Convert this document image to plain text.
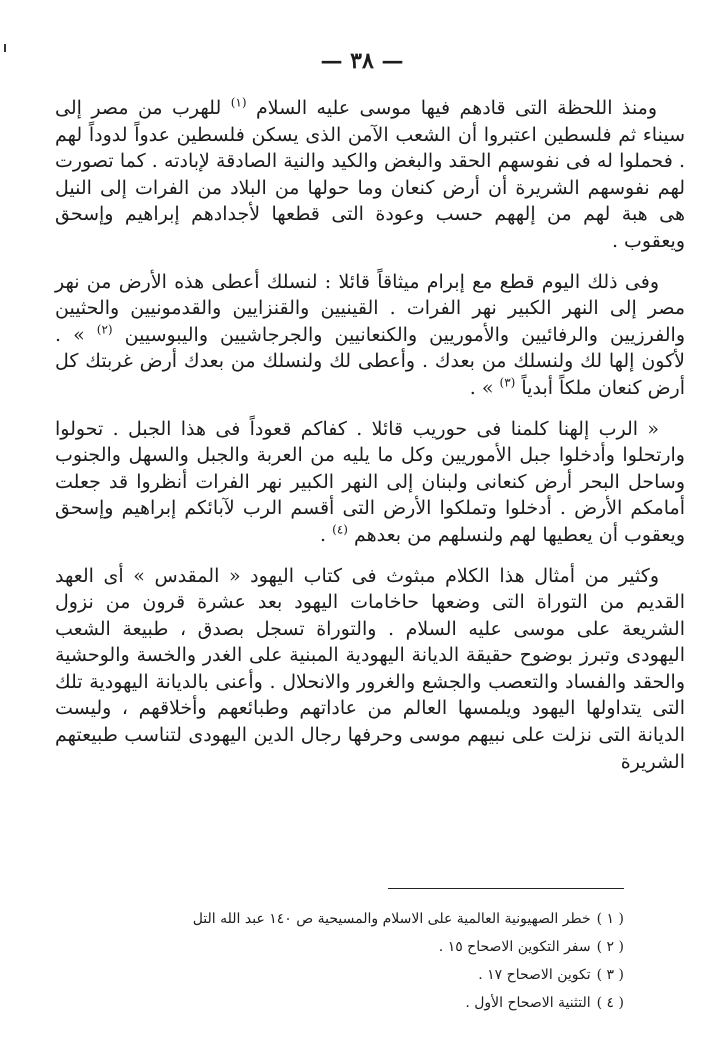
— ٣٨ —

ومنذ اللحظة التى قادهم فيها موسى عليه السلام $^{(١)}$ للهرب من مصر إلى سيناء ثم فلسطين اعتبروا أن الشعب الآمن الذى يسكن فلسطين عدواً لدوداً لهم . فحملوا له فى نفوسهم الحقد والبغض والكيد والنية الصادقة لإبادته . كما تصورت لهم نفوسهم الشريرة أن أرض كنعان وما حولها من البلاد من الفرات إلى النيل هى هبة لهم من إلههم حسب وعودة التى قطعها لأجدادهم إبراهيم وإسحق ويعقوب .

وفى ذلك اليوم قطع مع إبرام ميثاقاً قائلا : لنسلك أعطى هذه الأرض من نهر مصر إلى النهر الكبير نهر الفرات . القينيين والقنزايين والقدمونيين والحثيين والفرزيين والرفائيين والأموريين والكنعانيين والجرجاشيين واليبوسيين $^{(٢)}$ » . لأكون إلها لك ولنسلك من بعدك . وأعطى لك ولنسلك من بعدك أرض غربتك كل أرض كنعان ملكاً أبدياً $^{(٣)}$ » .

« الرب إلهنا كلمنا فى حوريب قائلا . كفاكم قعوداً فى هذا الجبل . تحولوا وارتحلوا وأدخلوا جبل الأموريين وكل ما يليه من العربة والجبل والسهل والجنوب وساحل البحر أرض كنعانى ولبنان إلى النهر الكبير نهر الفرات أنظروا قد جعلت أمامكم الأرض . أدخلوا وتملكوا الأرض التى أقسم الرب لآبائكم إبراهيم وإسحق ويعقوب أن يعطيها لهم ولنسلهم من بعدهم $^{(٤)}$ .

وكثير من أمثال هذا الكلام مبثوث فى كتاب اليهود « المقدس » أى العهد القديم من التوراة التى وضعها حاخامات اليهود بعد عشرة قرون من نزول الشريعة على موسى عليه السلام . والتوراة تسجل بصدق ، طبيعة الشعب اليهودى وتبرز بوضوح حقيقة الديانة اليهودية المبنية على الغدر والخسة والوحشية والحقد والفساد والتعصب والجشع والغرور والانحلال . وأعنى بالديانة اليهودية تلك التى يتداولها اليهود ويلمسها العالم من عاداتهم وطبائعهم وأخلاقهم ، وليست الديانة التى نزلت على نبيهم موسى وحرفها رجال الدين اليهودى لتناسب طبيعتهم الشريرة

( ١ )خطر الصهيونية العالمية على الاسلام والمسيحية ص ١٤٠ عبد الله التل
( ٢ )سفر التكوين الاصحاح ١٥ .
( ٣ )تكوين الاصحاح ١٧ .
( ٤ )التثنية الاصحاح الأول .
